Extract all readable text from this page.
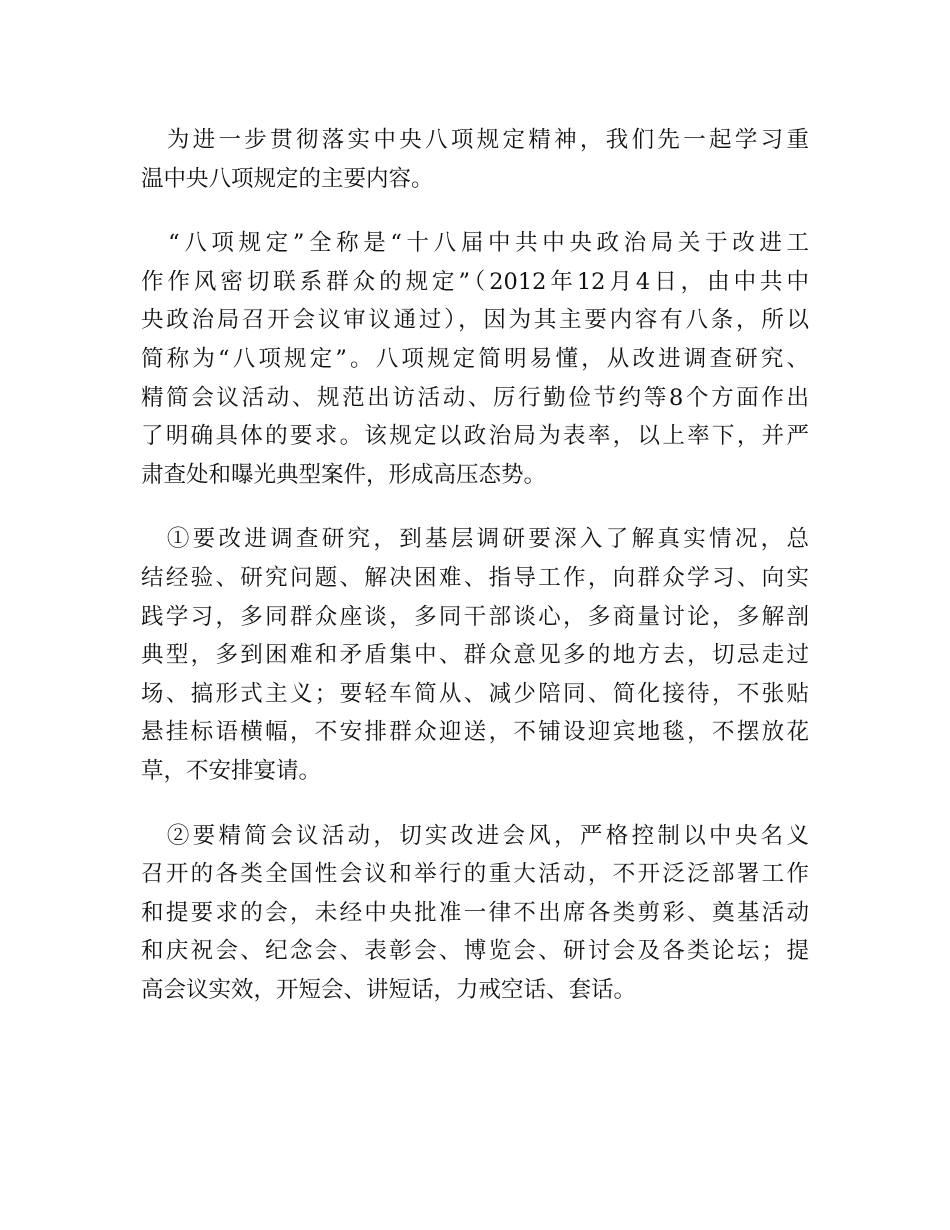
　为进一步贯彻落实中央八项规定精神，我们先一起学习重
温中央八项规定的主要内容。
　“八项规定”全称是“十八届中共中央政治局关于改进工
作作风密切联系群众的规定”（2012年12月4日，由中共中
央政治局召开会议审议通过），因为其主要内容有八条，所以
简称为“八项规定”。八项规定简明易懂，从改进调查研究、
精简会议活动、规范出访活动、厉行勤俭节约等8个方面作出
了明确具体的要求。该规定以政治局为表率，以上率下，并严
肃查处和曝光典型案件，形成高压态势。
　①要改进调查研究，到基层调研要深入了解真实情况，总
结经验、研究问题、解决困难、指导工作，向群众学习、向实
践学习，多同群众座谈，多同干部谈心，多商量讨论，多解剖
典型，多到困难和矛盾集中、群众意见多的地方去，切忌走过
场、搞形式主义；要轻车简从、减少陪同、简化接待，不张贴
悬挂标语横幅，不安排群众迎送，不铺设迎宾地毯，不摆放花
草，不安排宴请。
　②要精简会议活动，切实改进会风，严格控制以中央名义
召开的各类全国性会议和举行的重大活动，不开泛泛部署工作
和提要求的会，未经中央批准一律不出席各类剪彩、奠基活动
和庆祝会、纪念会、表彰会、博览会、研讨会及各类论坛；提
高会议实效，开短会、讲短话，力戒空话、套话。
